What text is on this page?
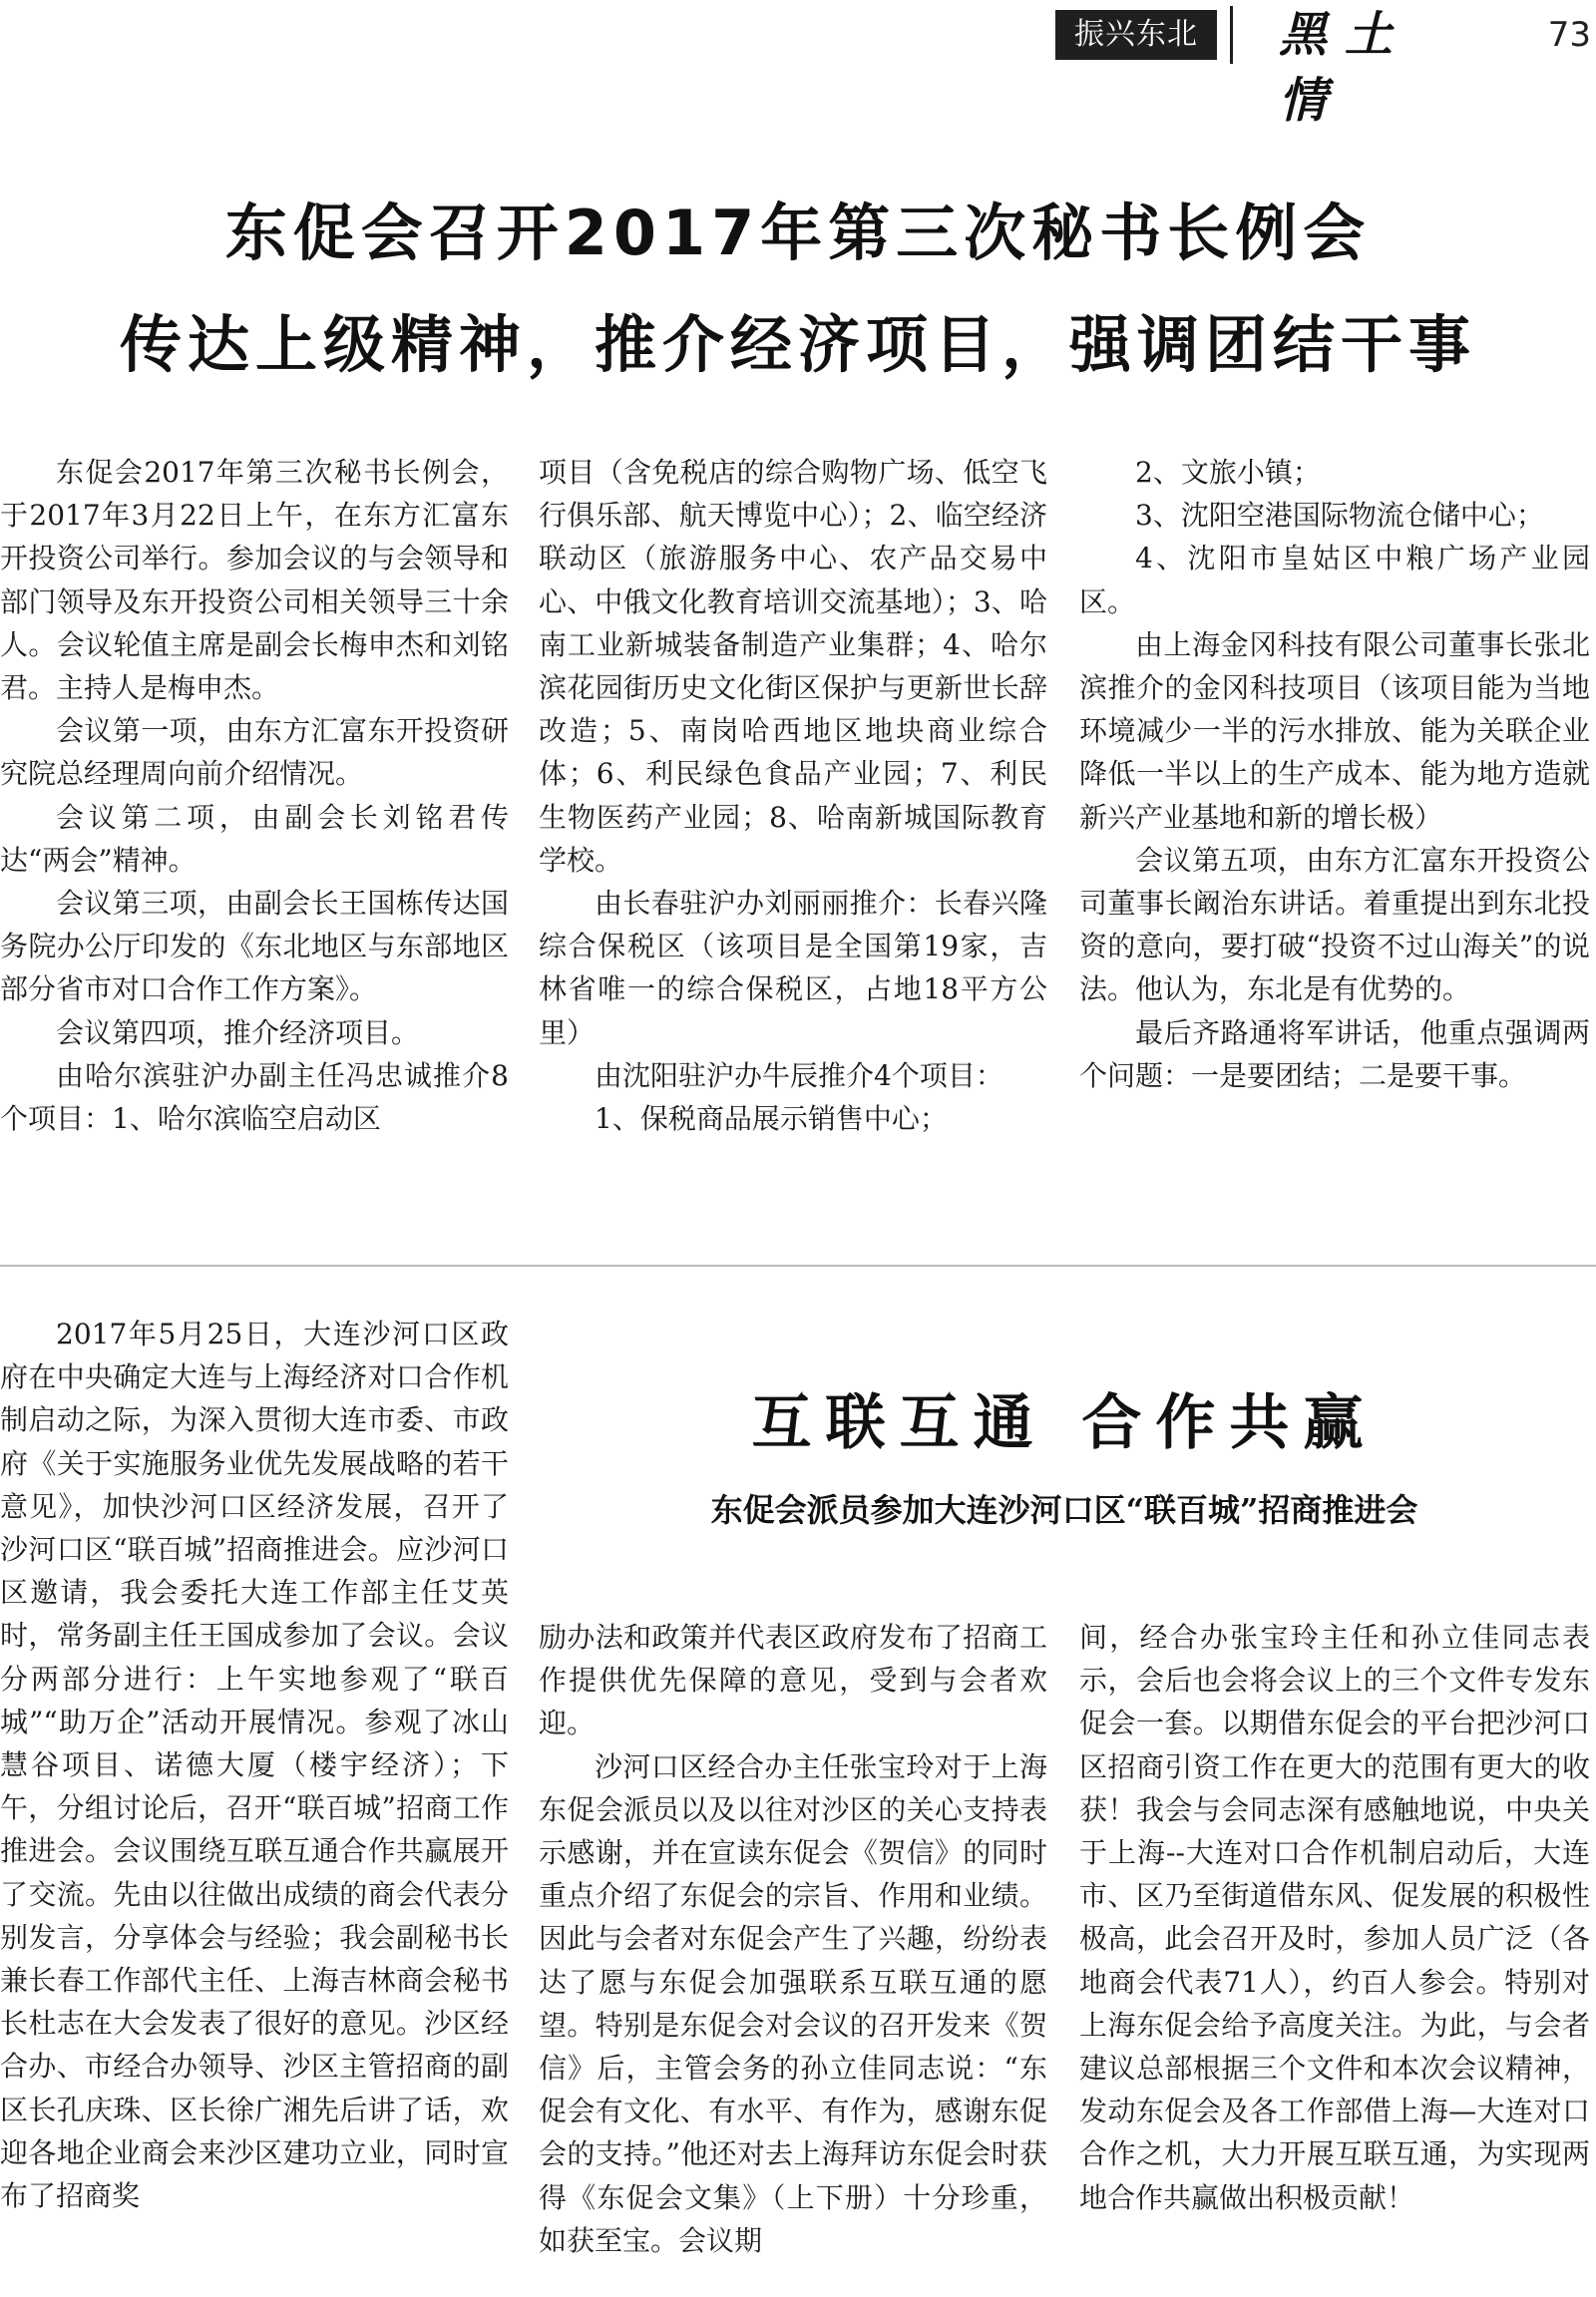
振兴东北	黑土情
73
东促会召开2017年第三次秘书长例会
传达上级精神，推介经济项目，强调团结干事

东促会2017年第三次秘书长例会，于2017年3月22日上午，在东方汇富东开投资公司举行。参加会议的与会领导和部门领导及东开投资公司相关领导三十余人。会议轮值主席是副会长梅申杰和刘铭君。主持人是梅申杰。

会议第一项，由东方汇富东开投资研究院总经理周向前介绍情况。

会议第二项，由副会长刘铭君传达“两会”精神。

会议第三项，由副会长王国栋传达国务院办公厅印发的《东北地区与东部地区部分省市对口合作工作方案》。

会议第四项，推介经济项目。

由哈尔滨驻沪办副主任冯忠诚推介8个项目：1、哈尔滨临空启动区

项目（含免税店的综合购物广场、低空飞行俱乐部、航天博览中心）；2、临空经济联动区（旅游服务中心、农产品交易中心、中俄文化教育培训交流基地）；3、哈南工业新城装备制造产业集群；4、哈尔滨花园街历史文化街区保护与更新世长辞改造；5、南岗哈西地区地块商业综合体；6、利民绿色食品产业园；7、利民生物医药产业园；8、哈南新城国际教育学校。

由长春驻沪办刘丽丽推介：长春兴隆综合保税区（该项目是全国第19家，吉林省唯一的综合保税区，占地18平方公里）

由沈阳驻沪办牛辰推介4个项目：

1、保税商品展示销售中心；

2、文旅小镇；

3、沈阳空港国际物流仓储中心；

4、沈阳市皇姑区中粮广场产业园区。

由上海金冈科技有限公司董事长张北滨推介的金冈科技项目（该项目能为当地环境减少一半的污水排放、能为关联企业降低一半以上的生产成本、能为地方造就新兴产业基地和新的增长极）

会议第五项，由东方汇富东开投资公司董事长阚治东讲话。着重提出到东北投资的意向，要打破“投资不过山海关”的说法。他认为，东北是有优势的。

最后齐路通将军讲话，他重点强调两个问题：一是要团结；二是要干事。

2017年5月25日，大连沙河口区政府在中央确定大连与上海经济对口合作机制启动之际，为深入贯彻大连市委、市政府《关于实施服务业优先发展战略的若干意见》，加快沙河口区经济发展，召开了沙河口区“联百城”招商推进会。应沙河口区邀请，我会委托大连工作部主任艾英时，常务副主任王国成参加了会议。会议分两部分进行：上午实地参观了“联百城”“助万企”活动开展情况。参观了冰山慧谷项目、诺德大厦（楼宇经济）；下午，分组讨论后，召开“联百城”招商工作推进会。会议围绕互联互通合作共赢展开了交流。先由以往做出成绩的商会代表分别发言，分享体会与经验；我会副秘书长兼长春工作部代主任、上海吉林商会秘书长杜志在大会发表了很好的意见。沙区经合办、市经合办领导、沙区主管招商的副区长孔庆珠、区长徐广湘先后讲了话，欢迎各地企业商会来沙区建功立业，同时宣布了招商奖

互联互通 合作共赢
东促会派员参加大连沙河口区“联百城”招商推进会

励办法和政策并代表区政府发布了招商工作提供优先保障的意见，受到与会者欢迎。

沙河口区经合办主任张宝玲对于上海东促会派员以及以往对沙区的关心支持表示感谢，并在宣读东促会《贺信》的同时重点介绍了东促会的宗旨、作用和业绩。因此与会者对东促会产生了兴趣，纷纷表达了愿与东促会加强联系互联互通的愿望。特别是东促会对会议的召开发来《贺信》后，主管会务的孙立佳同志说：“东促会有文化、有水平、有作为，感谢东促会的支持。”他还对去上海拜访东促会时获得《东促会文集》（上下册）十分珍重，如获至宝。会议期

间，经合办张宝玲主任和孙立佳同志表示，会后也会将会议上的三个文件专发东促会一套。以期借东促会的平台把沙河口区招商引资工作在更大的范围有更大的收获！我会与会同志深有感触地说，中央关于上海--大连对口合作机制启动后，大连市、区乃至街道借东风、促发展的积极性极高，此会召开及时，参加人员广泛（各地商会代表71人），约百人参会。特别对上海东促会给予高度关注。为此，与会者建议总部根据三个文件和本次会议精神，发动东促会及各工作部借上海—大连对口合作之机，大力开展互联互通，为实现两地合作共赢做出积极贡献！
